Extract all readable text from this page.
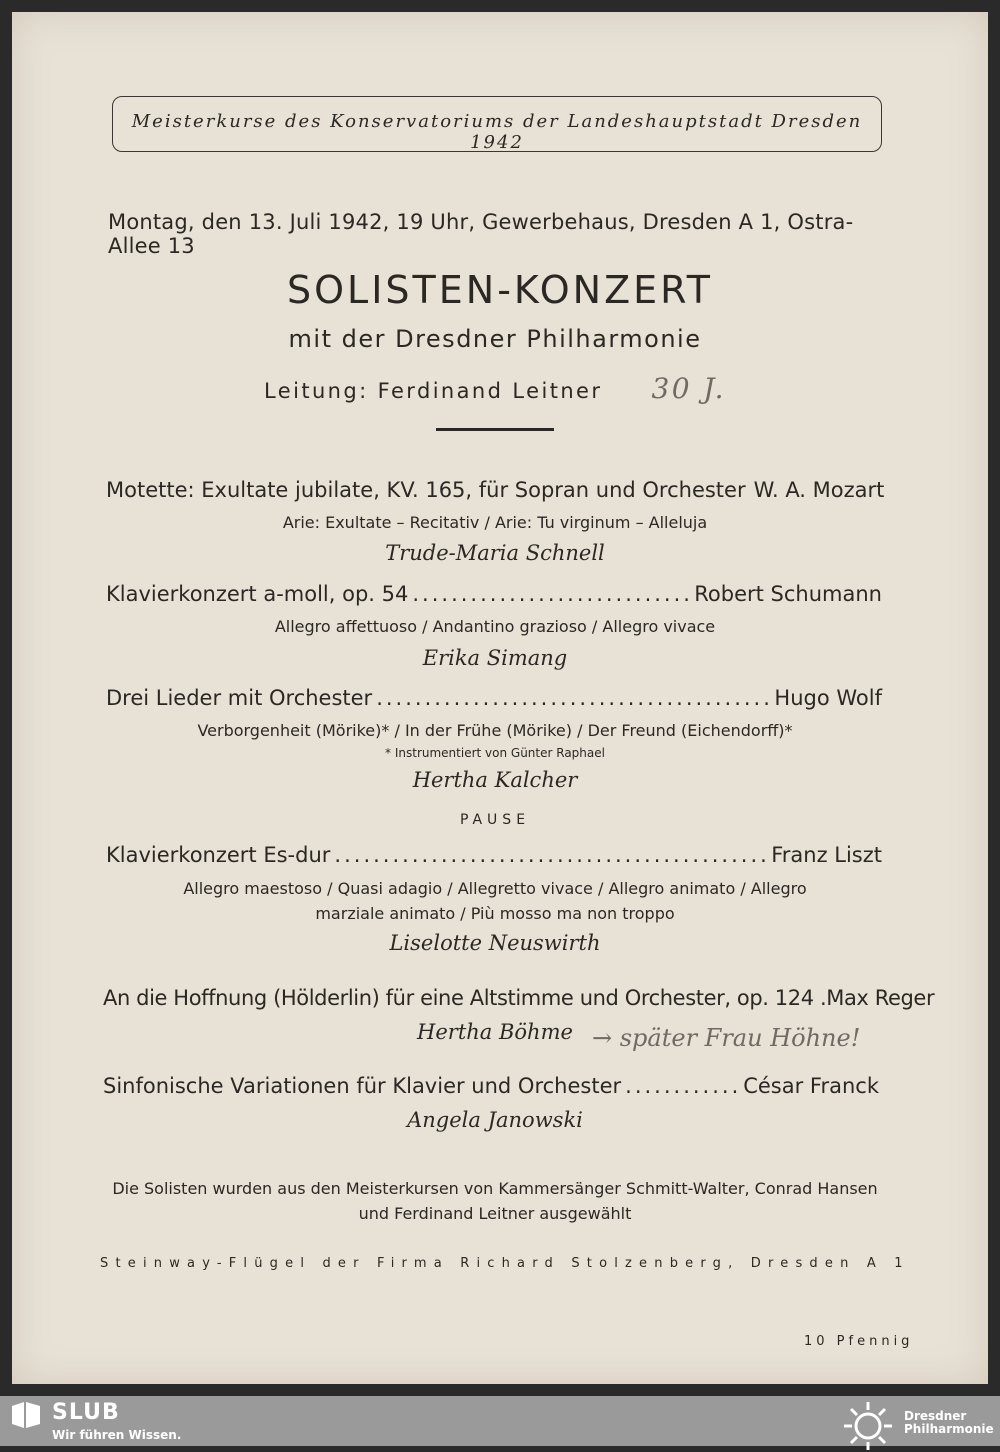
Meisterkurse des Konservatoriums der Landeshauptstadt Dresden 1942
Montag, den 13. Juli 1942, 19 Uhr, Gewerbehaus, Dresden A 1, Ostra-Allee 13
SOLISTEN-KONZERT
mit der Dresdner Philharmonie
Leitung: Ferdinand Leitner 30 J.
Motette: Exultate jubilate, KV. 165, für Sopran und Orchester W. A. Mozart
Arie: Exultate – Recitativ / Arie: Tu virginum – Alleluja
Trude-Maria Schnell
Klavierkonzert a-moll, op. 54 .....	Robert Schumann
Allegro affettuoso / Andantino grazioso / Allegro vivace
Erika Simang
Drei Lieder mit Orchester .....	Hugo Wolf
Verborgenheit (Mörike)* / In der Frühe (Mörike) / Der Freund (Eichendorff)*
* Instrumentiert von Günter Raphael
Hertha Kalcher
PAUSE
Klavierkonzert Es-dur .....	Franz Liszt
Allegro maestoso / Quasi adagio / Allegretto vivace / Allegro animato / Allegro
marziale animato / Più mosso ma non troppo
Liselotte Neuswirth
An die Hoffnung (Hölderlin) für eine Altstimme und Orchester, op. 124 . Max Reger
Hertha Böhme → später Frau Höhne!
Sinfonische Variationen für Klavier und Orchester .....	César Franck
Angela Janowski
Die Solisten wurden aus den Meisterkursen von Kammersänger Schmitt-Walter, Conrad Hansen
und Ferdinand Leitner ausgewählt
Steinway-Flügel der Firma Richard Stolzenberg, Dresden A 1
10 Pfennig
SLUB
Wir führen Wissen.
Dresdner
Philharmonie
